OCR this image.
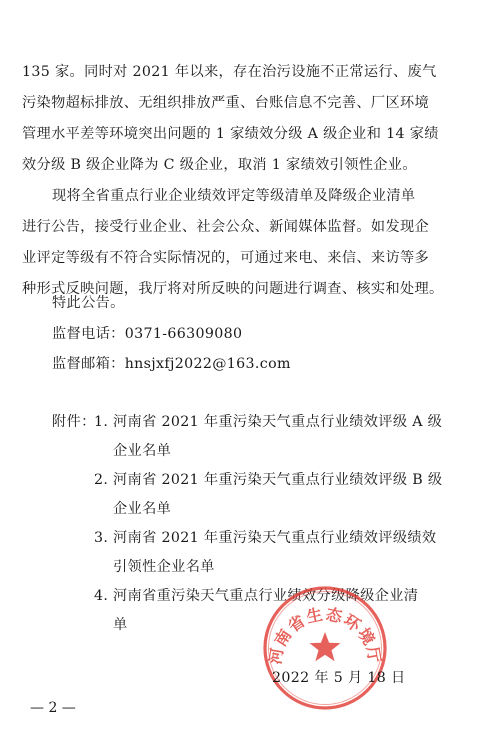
135 家。同时对 2021 年以来，存在治污设施不正常运行、废气
污染物超标排放、无组织排放严重、台账信息不完善、厂区环境
管理水平差等环境突出问题的 1 家绩效分级 A 级企业和 14 家绩
效分级 B 级企业降为 C 级企业，取消 1 家绩效引领性企业。
现将全省重点行业企业绩效评定等级清单及降级企业清单
进行公告，接受行业企业、社会公众、新闻媒体监督。如发现企
业评定等级有不符合实际情况的，可通过来电、来信、来访等多
种形式反映问题，我厅将对所反映的问题进行调查、核实和处理。
特此公告。
监督电话：0371-66309080
监督邮箱：hnsjxfj2022@163.com
附件：
1. 河南省 2021 年重污染天气重点行业绩效评级 A 级
企业名单
2. 河南省 2021 年重污染天气重点行业绩效评级 B 级
企业名单
3. 河南省 2021 年重污染天气重点行业绩效评级绩效
引领性企业名单
4. 河南省重污染天气重点行业绩效分级降级企业清
单
河南省生态环境厅
2022 年 5 月 18 日
— 2 —
